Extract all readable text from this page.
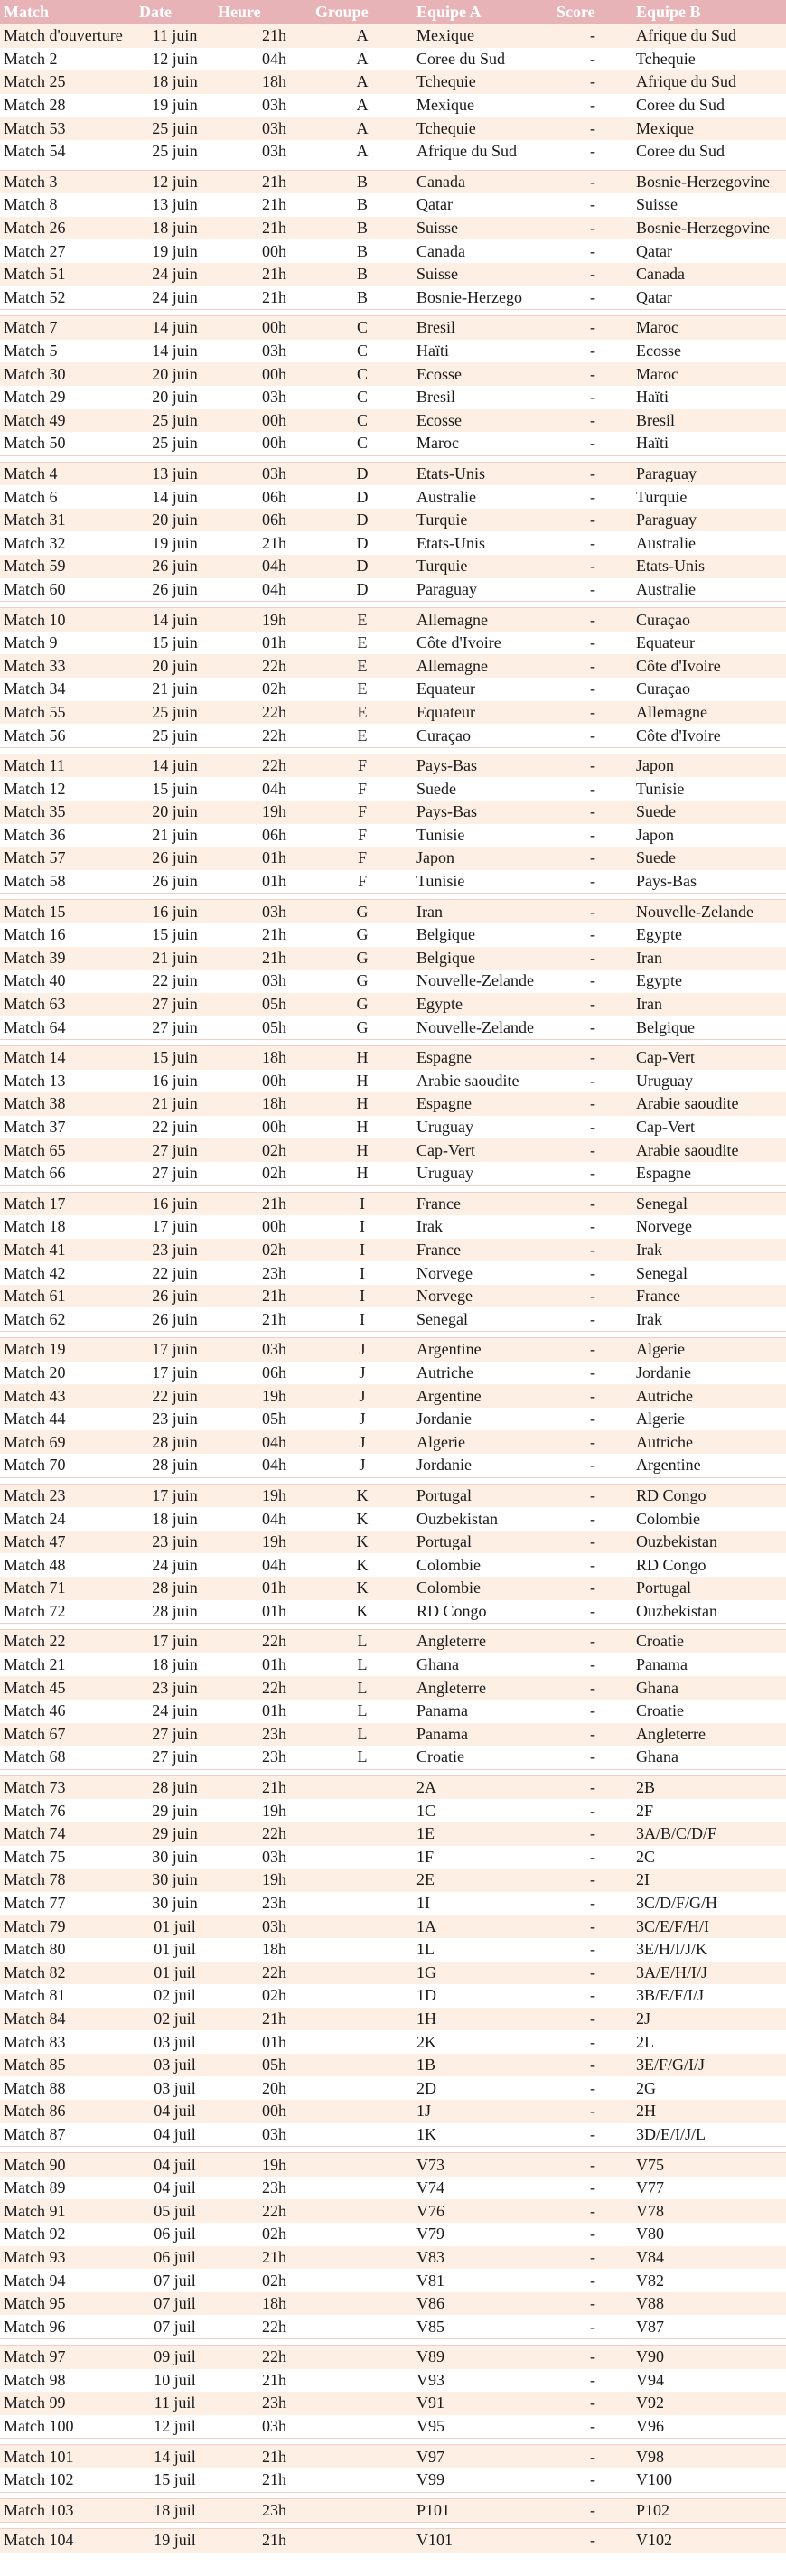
Match	Date	Heure	Groupe	Equipe A	Score	Equipe B
Match d'ouverture	11 juin	21h	A	Mexique	-	Afrique du Sud
Match 2	12 juin	04h	A	Coree du Sud	-	Tchequie
Match 25	18 juin	18h	A	Tchequie	-	Afrique du Sud
Match 28	19 juin	03h	A	Mexique	-	Coree du Sud
Match 53	25 juin	03h	A	Tchequie	-	Mexique
Match 54	25 juin	03h	A	Afrique du Sud	-	Coree du Sud

Match 3	12 juin	21h	B	Canada	-	Bosnie-Herzegovine
Match 8	13 juin	21h	B	Qatar	-	Suisse
Match 26	18 juin	21h	B	Suisse	-	Bosnie-Herzegovine
Match 27	19 juin	00h	B	Canada	-	Qatar
Match 51	24 juin	21h	B	Suisse	-	Canada
Match 52	24 juin	21h	B	Bosnie-Herzego	-	Qatar

Match 7	14 juin	00h	C	Bresil	-	Maroc
Match 5	14 juin	03h	C	Haïti	-	Ecosse
Match 30	20 juin	00h	C	Ecosse	-	Maroc
Match 29	20 juin	03h	C	Bresil	-	Haïti
Match 49	25 juin	00h	C	Ecosse	-	Bresil
Match 50	25 juin	00h	C	Maroc	-	Haïti

Match 4	13 juin	03h	D	Etats-Unis	-	Paraguay
Match 6	14 juin	06h	D	Australie	-	Turquie
Match 31	20 juin	06h	D	Turquie	-	Paraguay
Match 32	19 juin	21h	D	Etats-Unis	-	Australie
Match 59	26 juin	04h	D	Turquie	-	Etats-Unis
Match 60	26 juin	04h	D	Paraguay	-	Australie

Match 10	14 juin	19h	E	Allemagne	-	Curaçao
Match 9	15 juin	01h	E	Côte d'Ivoire	-	Equateur
Match 33	20 juin	22h	E	Allemagne	-	Côte d'Ivoire
Match 34	21 juin	02h	E	Equateur	-	Curaçao
Match 55	25 juin	22h	E	Equateur	-	Allemagne
Match 56	25 juin	22h	E	Curaçao	-	Côte d'Ivoire

Match 11	14 juin	22h	F	Pays-Bas	-	Japon
Match 12	15 juin	04h	F	Suede	-	Tunisie
Match 35	20 juin	19h	F	Pays-Bas	-	Suede
Match 36	21 juin	06h	F	Tunisie	-	Japon
Match 57	26 juin	01h	F	Japon	-	Suede
Match 58	26 juin	01h	F	Tunisie	-	Pays-Bas

Match 15	16 juin	03h	G	Iran	-	Nouvelle-Zelande
Match 16	15 juin	21h	G	Belgique	-	Egypte
Match 39	21 juin	21h	G	Belgique	-	Iran
Match 40	22 juin	03h	G	Nouvelle-Zelande	-	Egypte
Match 63	27 juin	05h	G	Egypte	-	Iran
Match 64	27 juin	05h	G	Nouvelle-Zelande	-	Belgique

Match 14	15 juin	18h	H	Espagne	-	Cap-Vert
Match 13	16 juin	00h	H	Arabie saoudite	-	Uruguay
Match 38	21 juin	18h	H	Espagne	-	Arabie saoudite
Match 37	22 juin	00h	H	Uruguay	-	Cap-Vert
Match 65	27 juin	02h	H	Cap-Vert	-	Arabie saoudite
Match 66	27 juin	02h	H	Uruguay	-	Espagne

Match 17	16 juin	21h	I	France	-	Senegal
Match 18	17 juin	00h	I	Irak	-	Norvege
Match 41	23 juin	02h	I	France	-	Irak
Match 42	22 juin	23h	I	Norvege	-	Senegal
Match 61	26 juin	21h	I	Norvege	-	France
Match 62	26 juin	21h	I	Senegal	-	Irak

Match 19	17 juin	03h	J	Argentine	-	Algerie
Match 20	17 juin	06h	J	Autriche	-	Jordanie
Match 43	22 juin	19h	J	Argentine	-	Autriche
Match 44	23 juin	05h	J	Jordanie	-	Algerie
Match 69	28 juin	04h	J	Algerie	-	Autriche
Match 70	28 juin	04h	J	Jordanie	-	Argentine

Match 23	17 juin	19h	K	Portugal	-	RD Congo
Match 24	18 juin	04h	K	Ouzbekistan	-	Colombie
Match 47	23 juin	19h	K	Portugal	-	Ouzbekistan
Match 48	24 juin	04h	K	Colombie	-	RD Congo
Match 71	28 juin	01h	K	Colombie	-	Portugal
Match 72	28 juin	01h	K	RD Congo	-	Ouzbekistan

Match 22	17 juin	22h	L	Angleterre	-	Croatie
Match 21	18 juin	01h	L	Ghana	-	Panama
Match 45	23 juin	22h	L	Angleterre	-	Ghana
Match 46	24 juin	01h	L	Panama	-	Croatie
Match 67	27 juin	23h	L	Panama	-	Angleterre
Match 68	27 juin	23h	L	Croatie	-	Ghana

Match 73	28 juin	21h		2A	-	2B
Match 76	29 juin	19h		1C	-	2F
Match 74	29 juin	22h		1E	-	3A/B/C/D/F
Match 75	30 juin	03h		1F	-	2C
Match 78	30 juin	19h		2E	-	2I
Match 77	30 juin	23h		1I	-	3C/D/F/G/H
Match 79	01 juil	03h		1A	-	3C/E/F/H/I
Match 80	01 juil	18h		1L	-	3E/H/I/J/K
Match 82	01 juil	22h		1G	-	3A/E/H/I/J
Match 81	02 juil	02h		1D	-	3B/E/F/I/J
Match 84	02 juil	21h		1H	-	2J
Match 83	03 juil	01h		2K	-	2L
Match 85	03 juil	05h		1B	-	3E/F/G/I/J
Match 88	03 juil	20h		2D	-	2G
Match 86	04 juil	00h		1J	-	2H
Match 87	04 juil	03h		1K	-	3D/E/I/J/L

Match 90	04 juil	19h		V73	-	V75
Match 89	04 juil	23h		V74	-	V77
Match 91	05 juil	22h		V76	-	V78
Match 92	06 juil	02h		V79	-	V80
Match 93	06 juil	21h		V83	-	V84
Match 94	07 juil	02h		V81	-	V82
Match 95	07 juil	18h		V86	-	V88
Match 96	07 juil	22h		V85	-	V87

Match 97	09 juil	22h		V89	-	V90
Match 98	10 juil	21h		V93	-	V94
Match 99	11 juil	23h		V91	-	V92
Match 100	12 juil	03h		V95	-	V96

Match 101	14 juil	21h		V97	-	V98
Match 102	15 juil	21h		V99	-	V100

Match 103	18 juil	23h		P101	-	P102

Match 104	19 juil	21h		V101	-	V102
